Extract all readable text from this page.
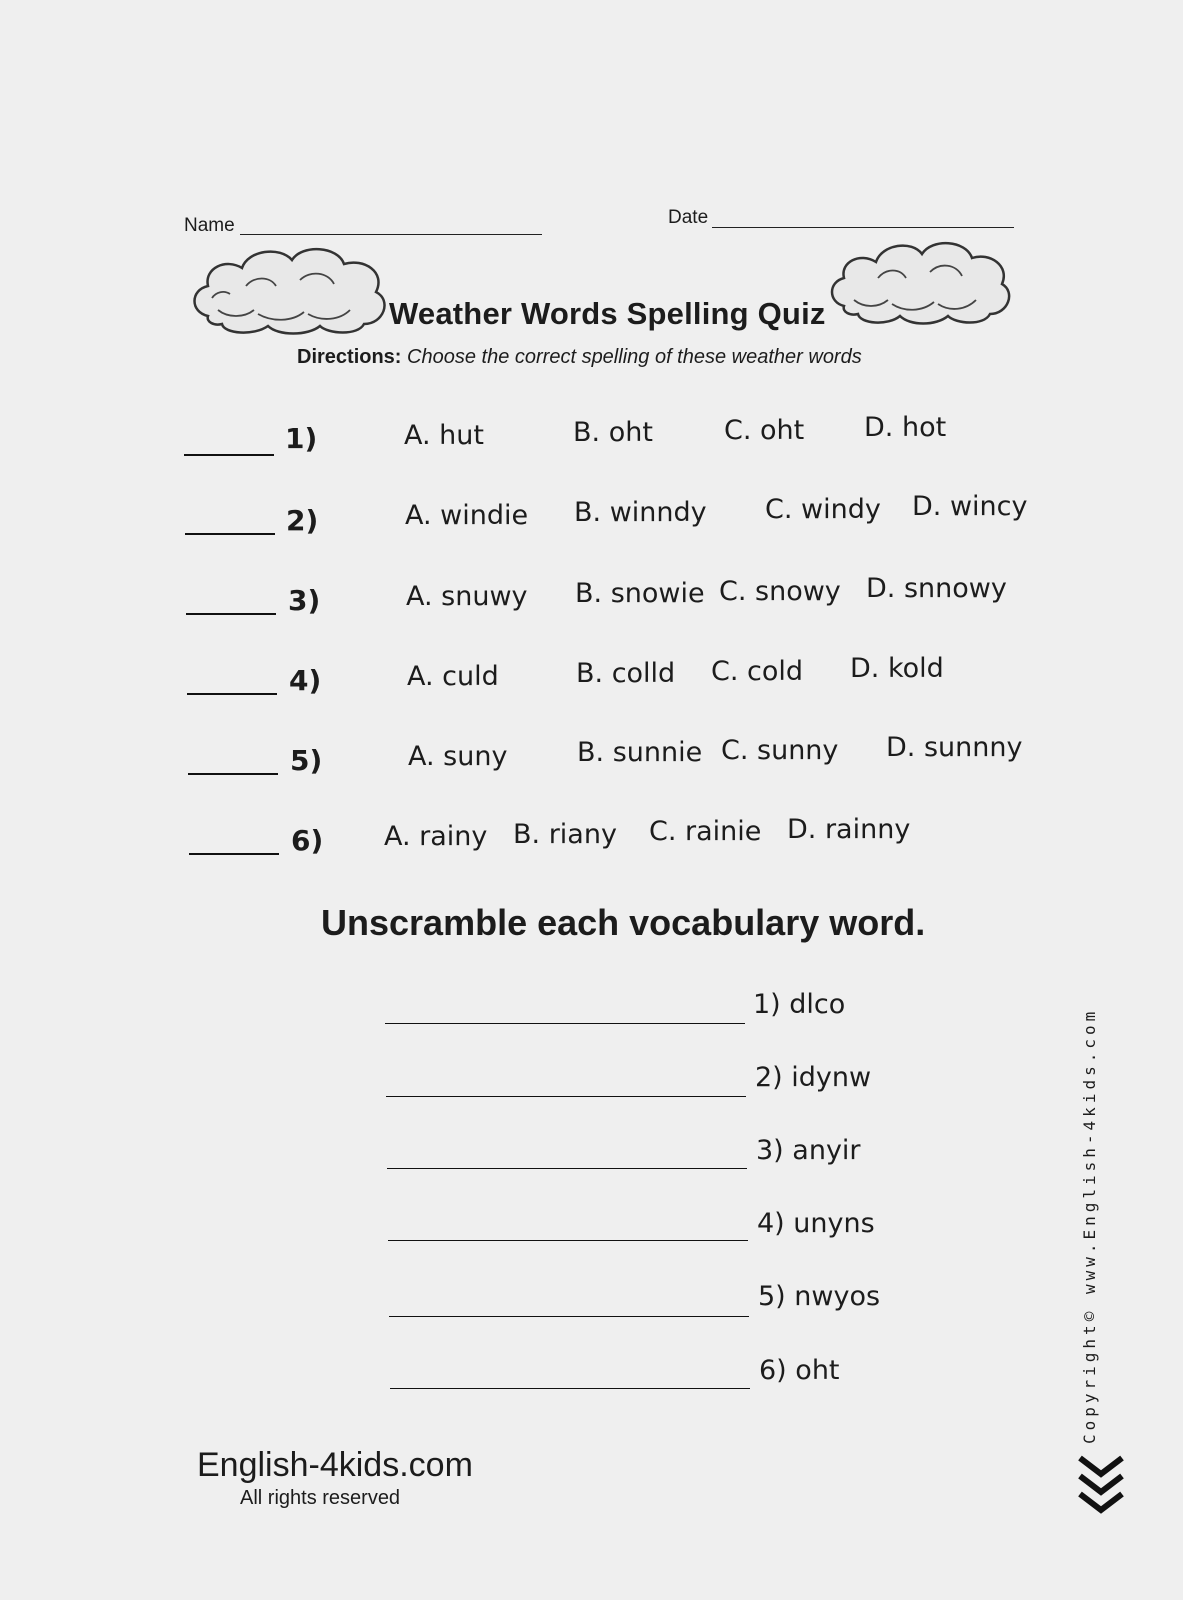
Name	Date
Weather Words Spelling Quiz
Directions: Choose the correct spelling of these weather words
1)	A. hut	B. oht	C. oht D. hot
2)	A. windie B. winndy C. windy D. wincy
3)	A. snuwy B. snowie C. snowy D. snnowy
4)	A. culd	B. colld C. cold D. kold
5)	A. suny	B. sunnie C. sunny D. sunnny
6) A. rainy B. riany C. rainie D. rainny
Unscramble each vocabulary word.
1) dlco
2) idynw
3) anyir
4) unyns
5) nwyos
6) oht
English-4kids.com
All rights reserved
Copyright© www.English-4kids.com
